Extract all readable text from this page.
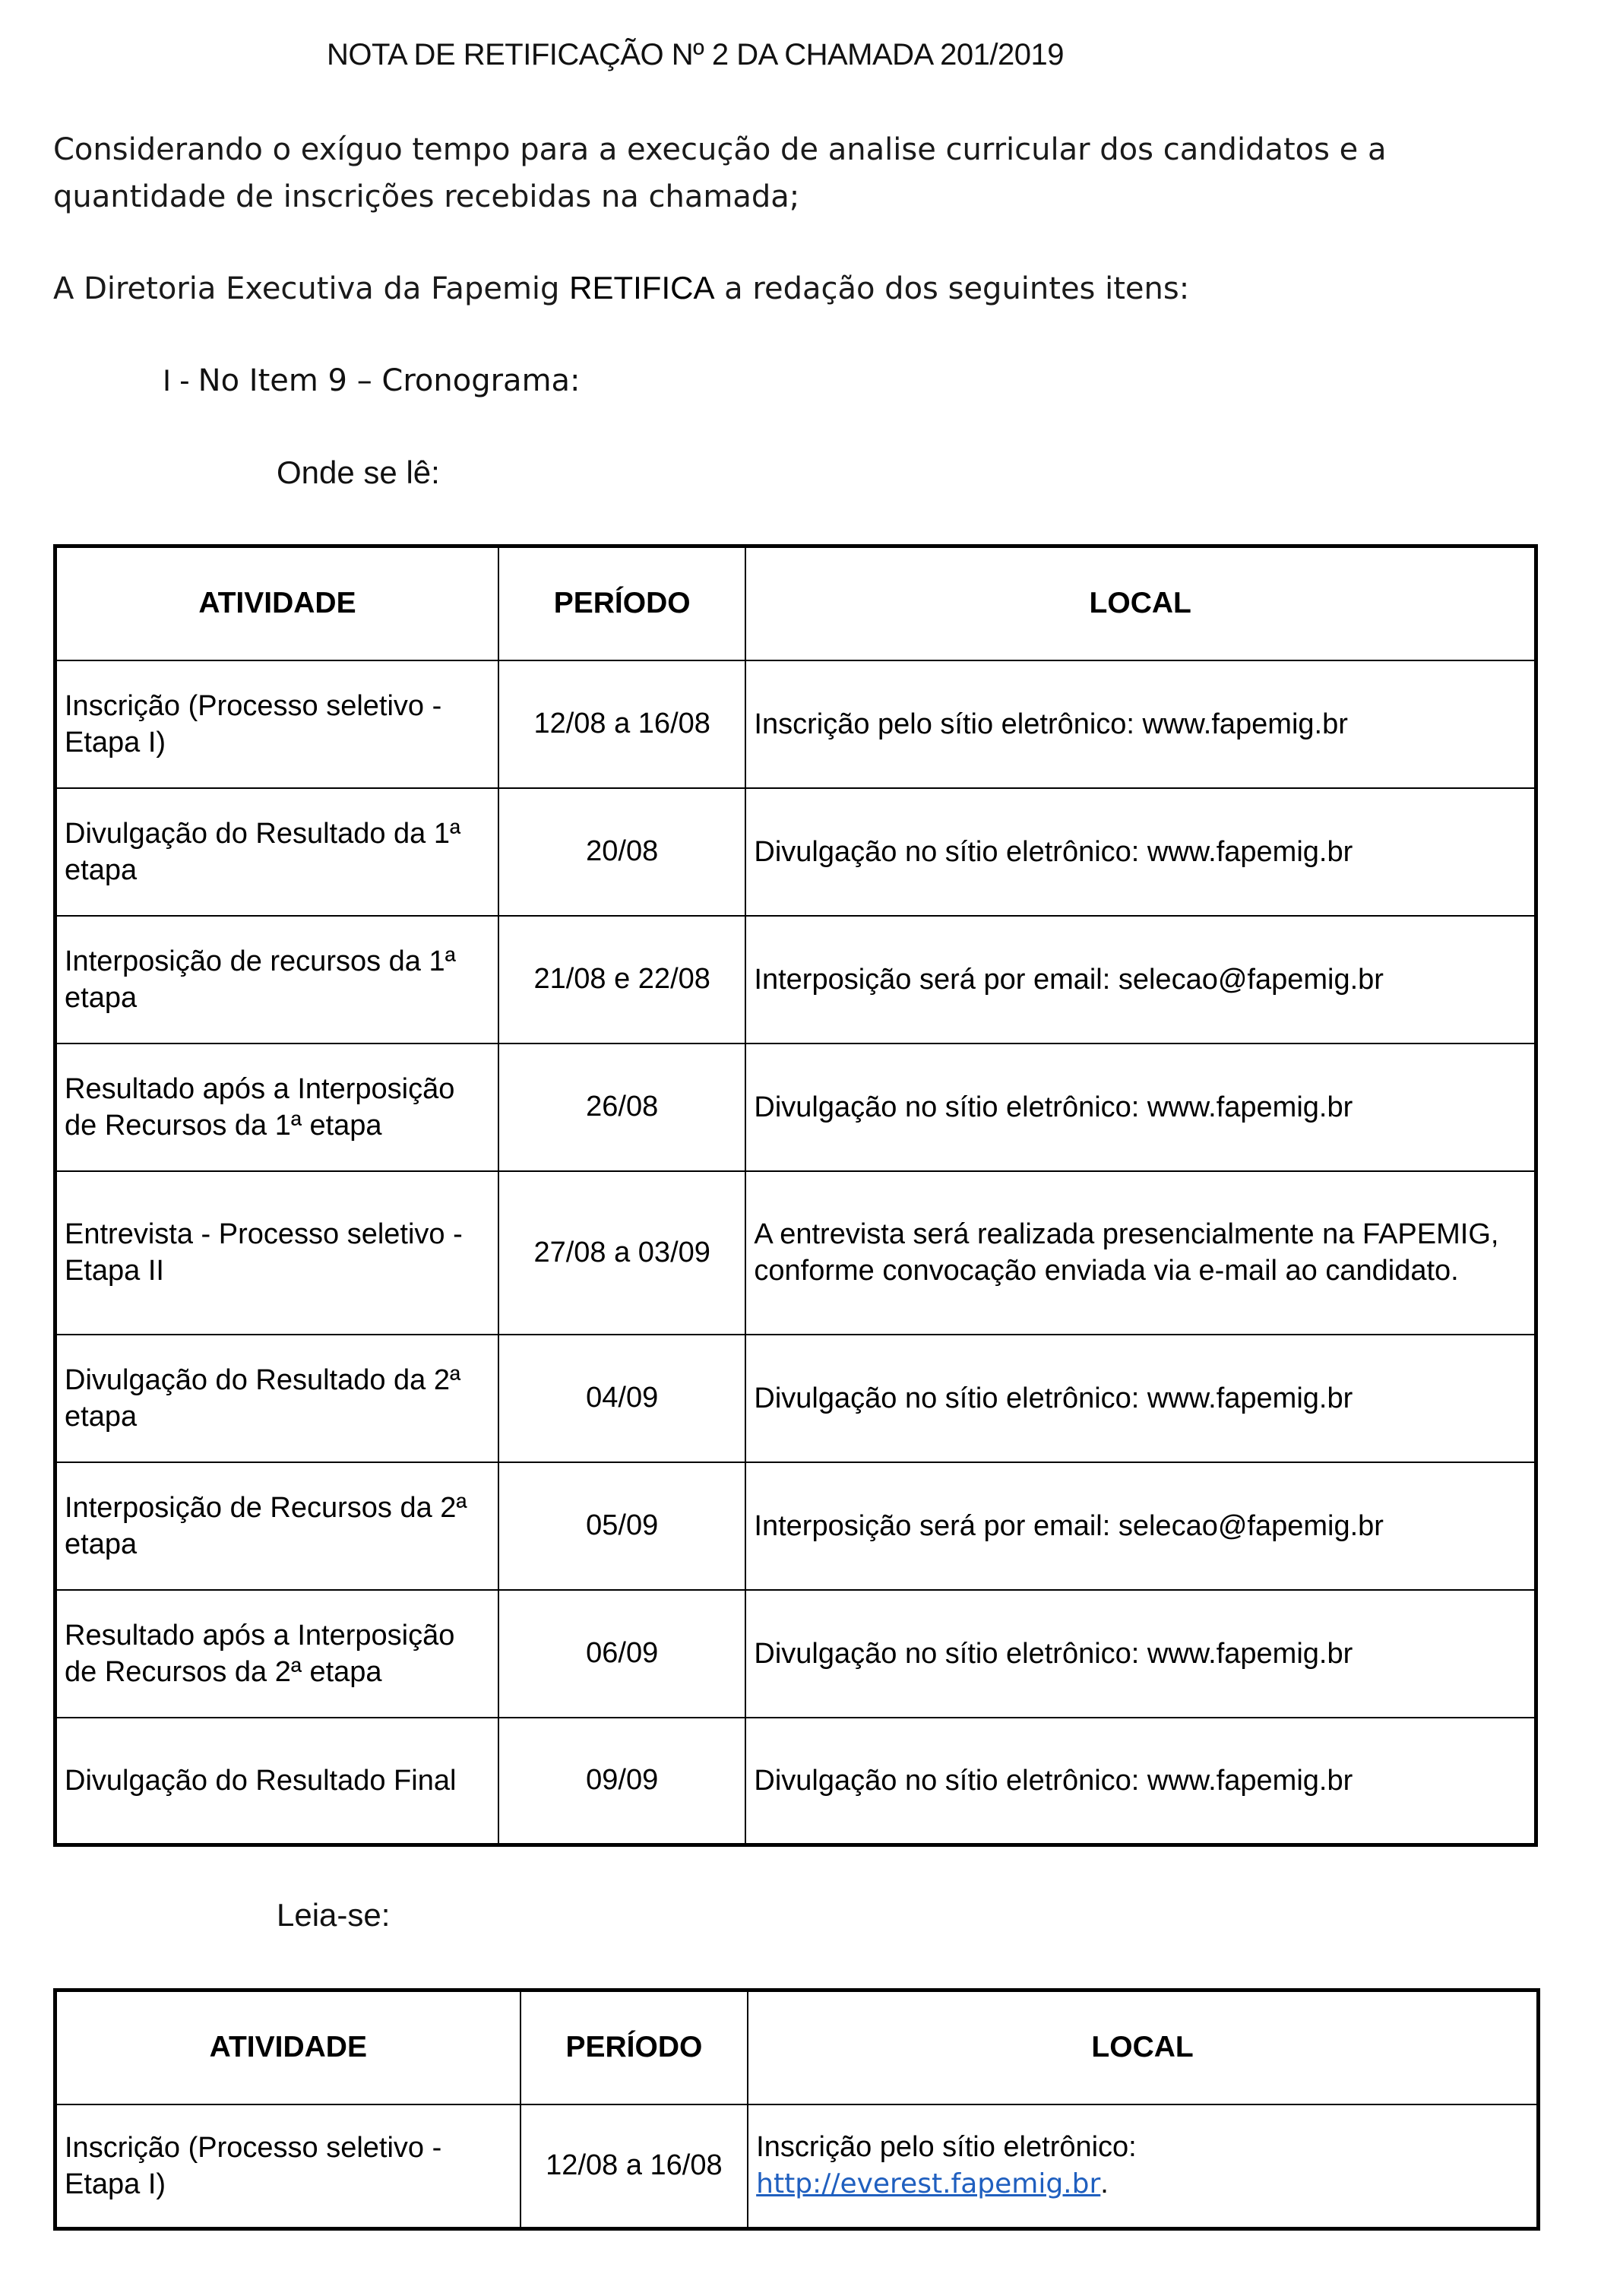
NOTA DE RETIFICAÇÃO Nº 2 DA CHAMADA 201/2019
Considerando o exíguo tempo para a execução de analise curricular dos candidatos e a
quantidade de inscrições recebidas na chamada;
A Diretoria Executiva da Fapemig RETIFICA a redação dos seguintes itens:
I - No Item 9 – Cronograma:
Onde se lê:
ATIVIDADE	PERÍODO	LOCAL
Inscrição (Processo seletivo - Etapa I)	12/08 a 16/08	Inscrição pelo sítio eletrônico: www.fapemig.br
Divulgação do Resultado da 1ª etapa	20/08	Divulgação no sítio eletrônico: www.fapemig.br
Interposição de recursos da 1ª etapa	21/08 e 22/08	Interposição será por email: selecao@fapemig.br
Resultado após a Interposição de Recursos da 1ª etapa	26/08	Divulgação no sítio eletrônico: www.fapemig.br
Entrevista - Processo seletivo - Etapa II	27/08 a 03/09	A entrevista será realizada presencialmente na FAPEMIG, conforme convocação enviada via e-mail ao candidato.
Divulgação do Resultado da 2ª etapa	04/09	Divulgação no sítio eletrônico: www.fapemig.br
Interposição de Recursos da 2ª etapa	05/09	Interposição será por email: selecao@fapemig.br
Resultado após a Interposição de Recursos da 2ª etapa	06/09	Divulgação no sítio eletrônico: www.fapemig.br
Divulgação do Resultado Final	09/09	Divulgação no sítio eletrônico: www.fapemig.br
Leia-se:
ATIVIDADE	PERÍODO	LOCAL
Inscrição (Processo seletivo - Etapa I)	12/08 a 16/08	Inscrição pelo sítio eletrônico:
http://everest.fapemig.br.
